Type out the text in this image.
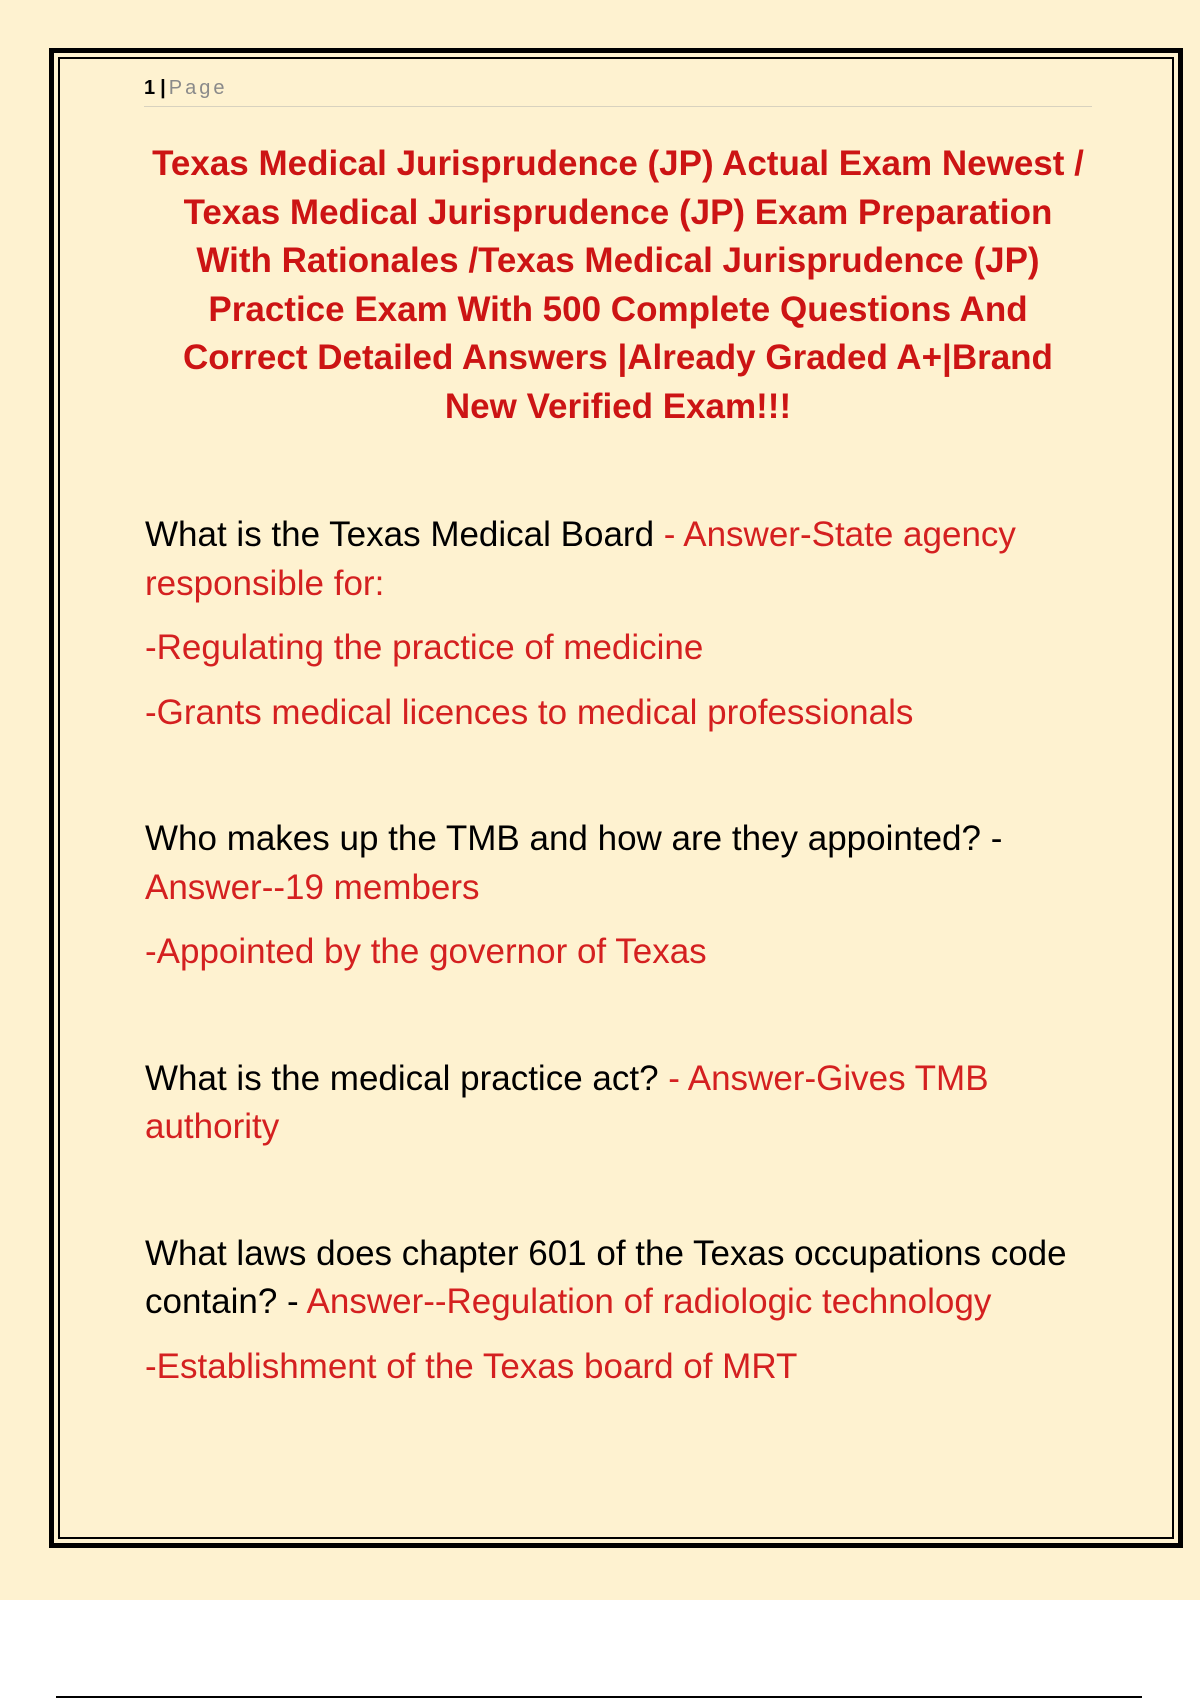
1 | Page
Texas Medical Jurisprudence (JP) Actual Exam Newest / Texas Medical Jurisprudence (JP) Exam Preparation With Rationales /Texas Medical Jurisprudence (JP) Practice Exam With 500 Complete Questions And Correct Detailed Answers |Already Graded A+|Brand New Verified Exam!!!

What is the Texas Medical Board - Answer-State agency responsible for:

-Regulating the practice of medicine

-Grants medical licences to medical professionals

Who makes up the TMB and how are they appointed? - Answer--19 members

-Appointed by the governor of Texas

What is the medical practice act? - Answer-Gives TMB authority

What laws does chapter 601 of the Texas occupations code contain? - Answer--Regulation of radiologic technology

-Establishment of the Texas board of MRT
